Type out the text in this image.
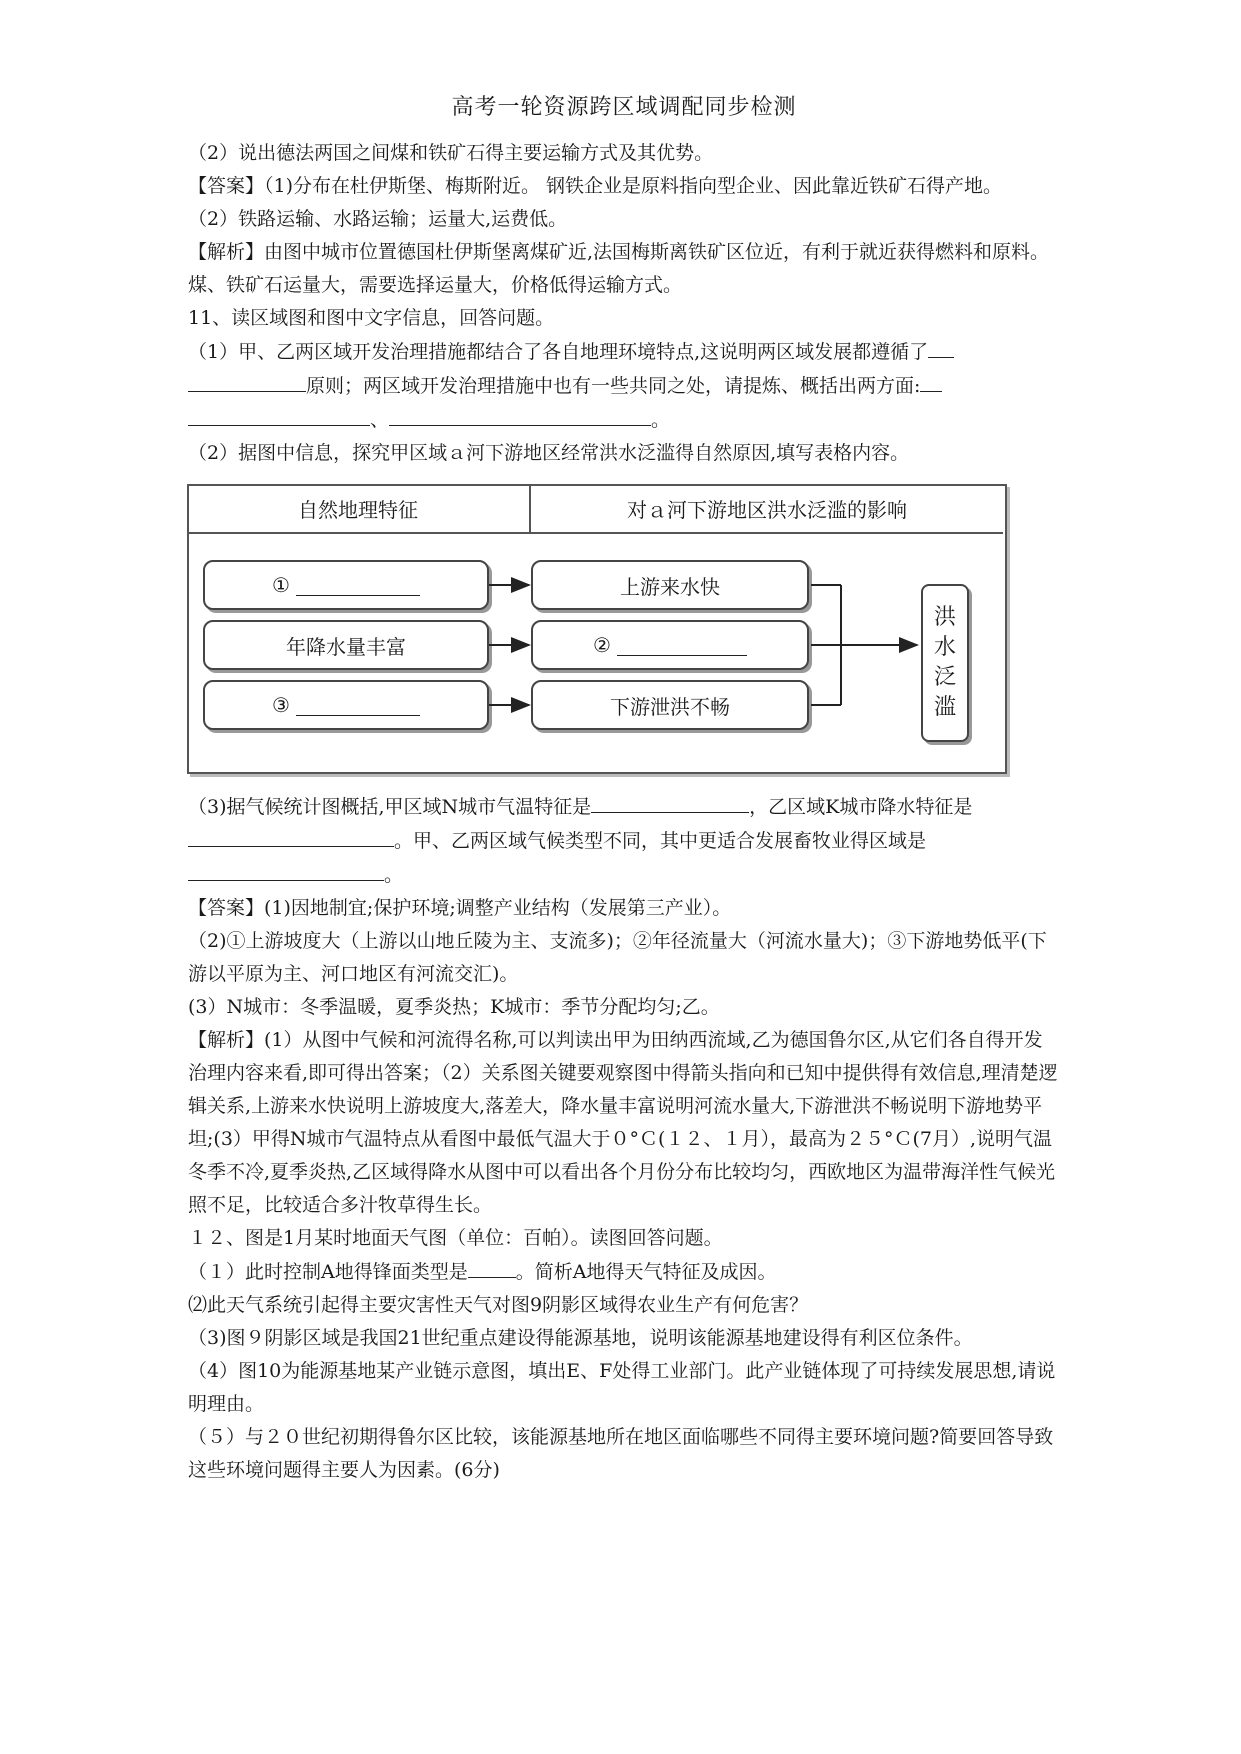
高考一轮资源跨区域调配同步检测

（2）说出德法两国之间煤和铁矿石得主要运输方式及其优势。

【答案】（1)分布在杜伊斯堡、梅斯附近。 钢铁企业是原料指向型企业、因此靠近铁矿石得产地。

（2）铁路运输、水路运输；运量大,运费低。

【解析】由图中城市位置德国杜伊斯堡离煤矿近,法国梅斯离铁矿区位近，有利于就近获得燃料和原料。煤、铁矿石运量大，需要选择运量大，价格低得运输方式。

11、读区域图和图中文字信息，回答问题。

（1）甲、乙两区域开发治理措施都结合了各自地理环境特点,这说明两区域发展都遵循了 原则；两区域开发治理措施中也有一些共同之处，请提炼、概括出两方面: 、	。

（2）据图中信息，探究甲区域ａ河下游地区经常洪水泛滥得自然原因,填写表格内容。

自然地理特征	对ａ河下游地区洪水泛滥的影响
①
年降水量丰富
③
上游来水快
②
下游泄洪不畅
洪
水
泛
滥

（3)据气候统计图概括,甲区域N城市气温特征是	，乙区域K城市降水特征是。甲、乙两区域气候类型不同，其中更适合发展畜牧业得区域是
。

【答案】(1)因地制宜;保护环境;调整产业结构（发展第三产业）。

（2)①上游坡度大（上游以山地丘陵为主、支流多)；②年径流量大（河流水量大)；③下游地势低平(下游以平原为主、河口地区有河流交汇)。

(3）N城市：冬季温暖，夏季炎热；K城市：季节分配均匀;乙。

【解析】(1）从图中气候和河流得名称,可以判读出甲为田纳西流域,乙为德国鲁尔区,从它们各自得开发治理内容来看,即可得出答案；（2）关系图关键要观察图中得箭头指向和已知中提供得有效信息,理清楚逻辑关系,上游来水快说明上游坡度大,落差大，降水量丰富说明河流水量大,下游泄洪不畅说明下游地势平坦;(3）甲得N城市气温特点从看图中最低气温大于０°Ｃ(１２、１月），最高为２５°Ｃ(7月）,说明气温冬季不冷,夏季炎热,乙区域得降水从图中可以看出各个月份分布比较均匀，西欧地区为温带海洋性气候光照不足，比较适合多汁牧草得生长。

１２、图是1月某时地面天气图（单位：百帕）。读图回答问题。

（１）此时控制A地得锋面类型是	。简析A地得天气特征及成因。

⑵此天气系统引起得主要灾害性天气对图9阴影区域得农业生产有何危害？

（3)图９阴影区域是我国21世纪重点建设得能源基地，说明该能源基地建设得有利区位条件。

（4）图10为能源基地某产业链示意图，填出E、F处得工业部门。此产业链体现了可持续发展思想,请说明理由。

（５）与２０世纪初期得鲁尔区比较，该能源基地所在地区面临哪些不同得主要环境问题?简要回答导致这些环境问题得主要人为因素。(6分)
